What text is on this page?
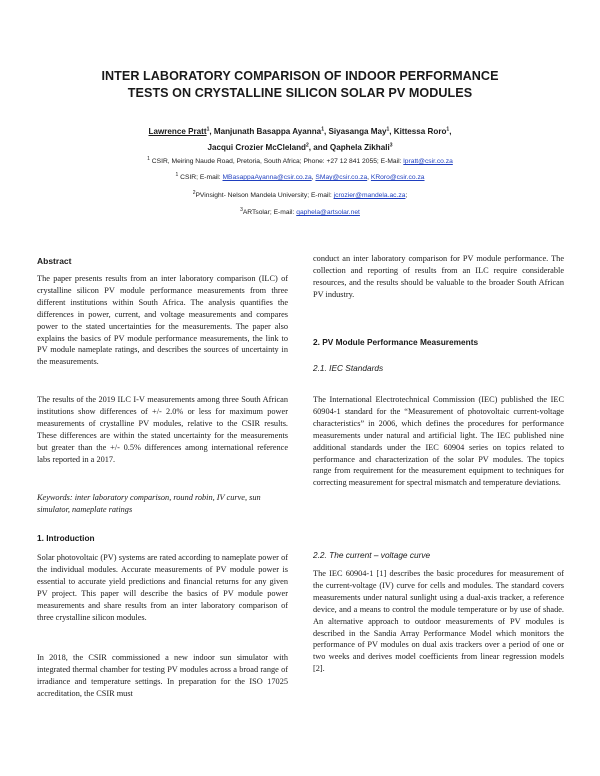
INTER LABORATORY COMPARISON OF INDOOR PERFORMANCE
TESTS ON CRYSTALLINE SILICON SOLAR PV MODULES
Lawrence Pratt$^1$, Manjunath Basappa Ayanna$^1$, Siyasanga May$^1$, Kittessa Roro$^1$,
Jacqui Crozier McCleland$^2$, and Qaphela Zikhali$^3$
$^1$ CSIR, Meiring Naude Road, Pretoria, South Africa; Phone: +27 12 841 2055; E-Mail: lpratt@csir.co.za
$^1$ CSIR; E-mail: MBasappaAyanna@csir.co.za, SMay@csir.co.za, KRoro@csir.co.za
$^2$PVinsight- Nelson Mandela University; E-mail: jcrozier@mandela.ac.za;
$^3$ARTsolar; E-mail: qaphela@artsolar.net
Abstract

The paper presents results from an inter laboratory comparison (ILC) of crystalline silicon PV module performance measurements from three different institutions within South Africa. The analysis quantifies the differences in power, current, and voltage measurements and compares power to the stated uncertainties for the measurements. The paper also explains the basics of PV module performance measurements, the link to PV module nameplate ratings, and describes the sources of uncertainty in the measurements.

The results of the 2019 ILC I-V measurements among three South African institutions show differences of +/- 2.0% or less for maximum power measurements of crystalline PV modules, relative to the CSIR results. These differences are within the stated uncertainty for the measurements but greater than the +/- 0.5% differences among international reference labs reported in a 2017.

Keywords: inter laboratory comparison, round robin, IV curve, sun simulator, nameplate ratings

1. Introduction

Solar photovoltaic (PV) systems are rated according to nameplate power of the individual modules. Accurate measurements of PV module power is essential to accurate yield predictions and financial returns for any given PV project. This paper will describe the basics of PV module power measurements and share results from an inter laboratory comparison of three crystalline silicon modules.

In 2018, the CSIR commissioned a new indoor sun simulator with integrated thermal chamber for testing PV modules across a broad range of irradiance and temperature settings. In preparation for the ISO 17025 accreditation, the CSIR must

conduct an inter laboratory comparison for PV module performance. The collection and reporting of results from an ILC require considerable resources, and the results should be valuable to the broader South African PV industry.

2. PV Module Performance Measurements
2.1. IEC Standards

The International Electrotechnical Commission (IEC) published the IEC 60904-1 standard for the “Measurement of photovoltaic current-voltage characteristics” in 2006, which defines the procedures for performance measurements under natural and artificial light. The IEC published nine additional standards under the IEC 60904 series on topics related to performance and characterization of the solar PV modules. The topics range from requirement for the measurement equipment to techniques for correcting measurement for spectral mismatch and temperature deviations.

2.2. The current – voltage curve

The IEC 60904-1 [1] describes the basic procedures for measurement of the current-voltage (IV) curve for cells and modules. The standard covers measurements under natural sunlight using a dual-axis tracker, a reference device, and a means to control the module temperature or by use of shade. An alternative approach to outdoor measurements of PV modules is described in the Sandia Array Performance Model which monitors the performance of PV modules on dual axis trackers over a period of one or two weeks and derives model coefficients from linear regression models [2].
